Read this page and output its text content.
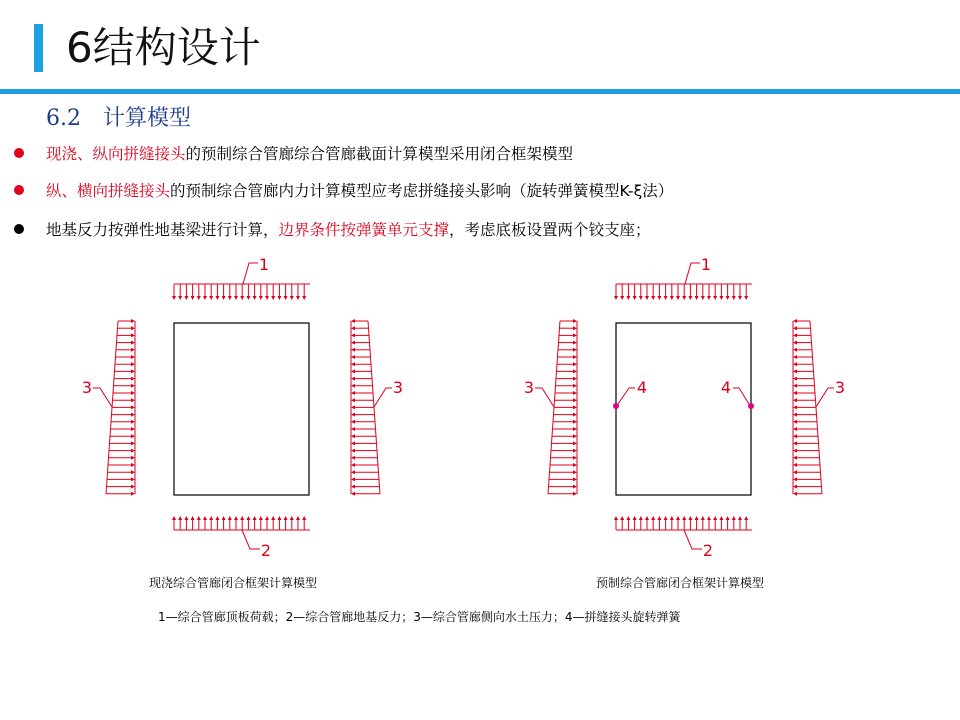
6结构设计
6.2 计算模型
现浇、纵向拼缝接头的预制综合管廊综合管廊截面计算模型采用闭合框架模型
纵、横向拼缝接头的预制综合管廊内力计算模型应考虑拼缝接头影响（旋转弹簧模型K-ξ法）
地基反力按弹性地基梁进行计算，边界条件按弹簧单元支撑，考虑底板设置两个铰支座；
1
2
3	3
1
2
3	3
4	4
现浇综合管廊闭合框架计算模型	预制综合管廊闭合框架计算模型
1—综合管廊顶板荷载；2—综合管廊地基反力；3—综合管廊侧向水土压力；4—拼缝接头旋转弹簧
